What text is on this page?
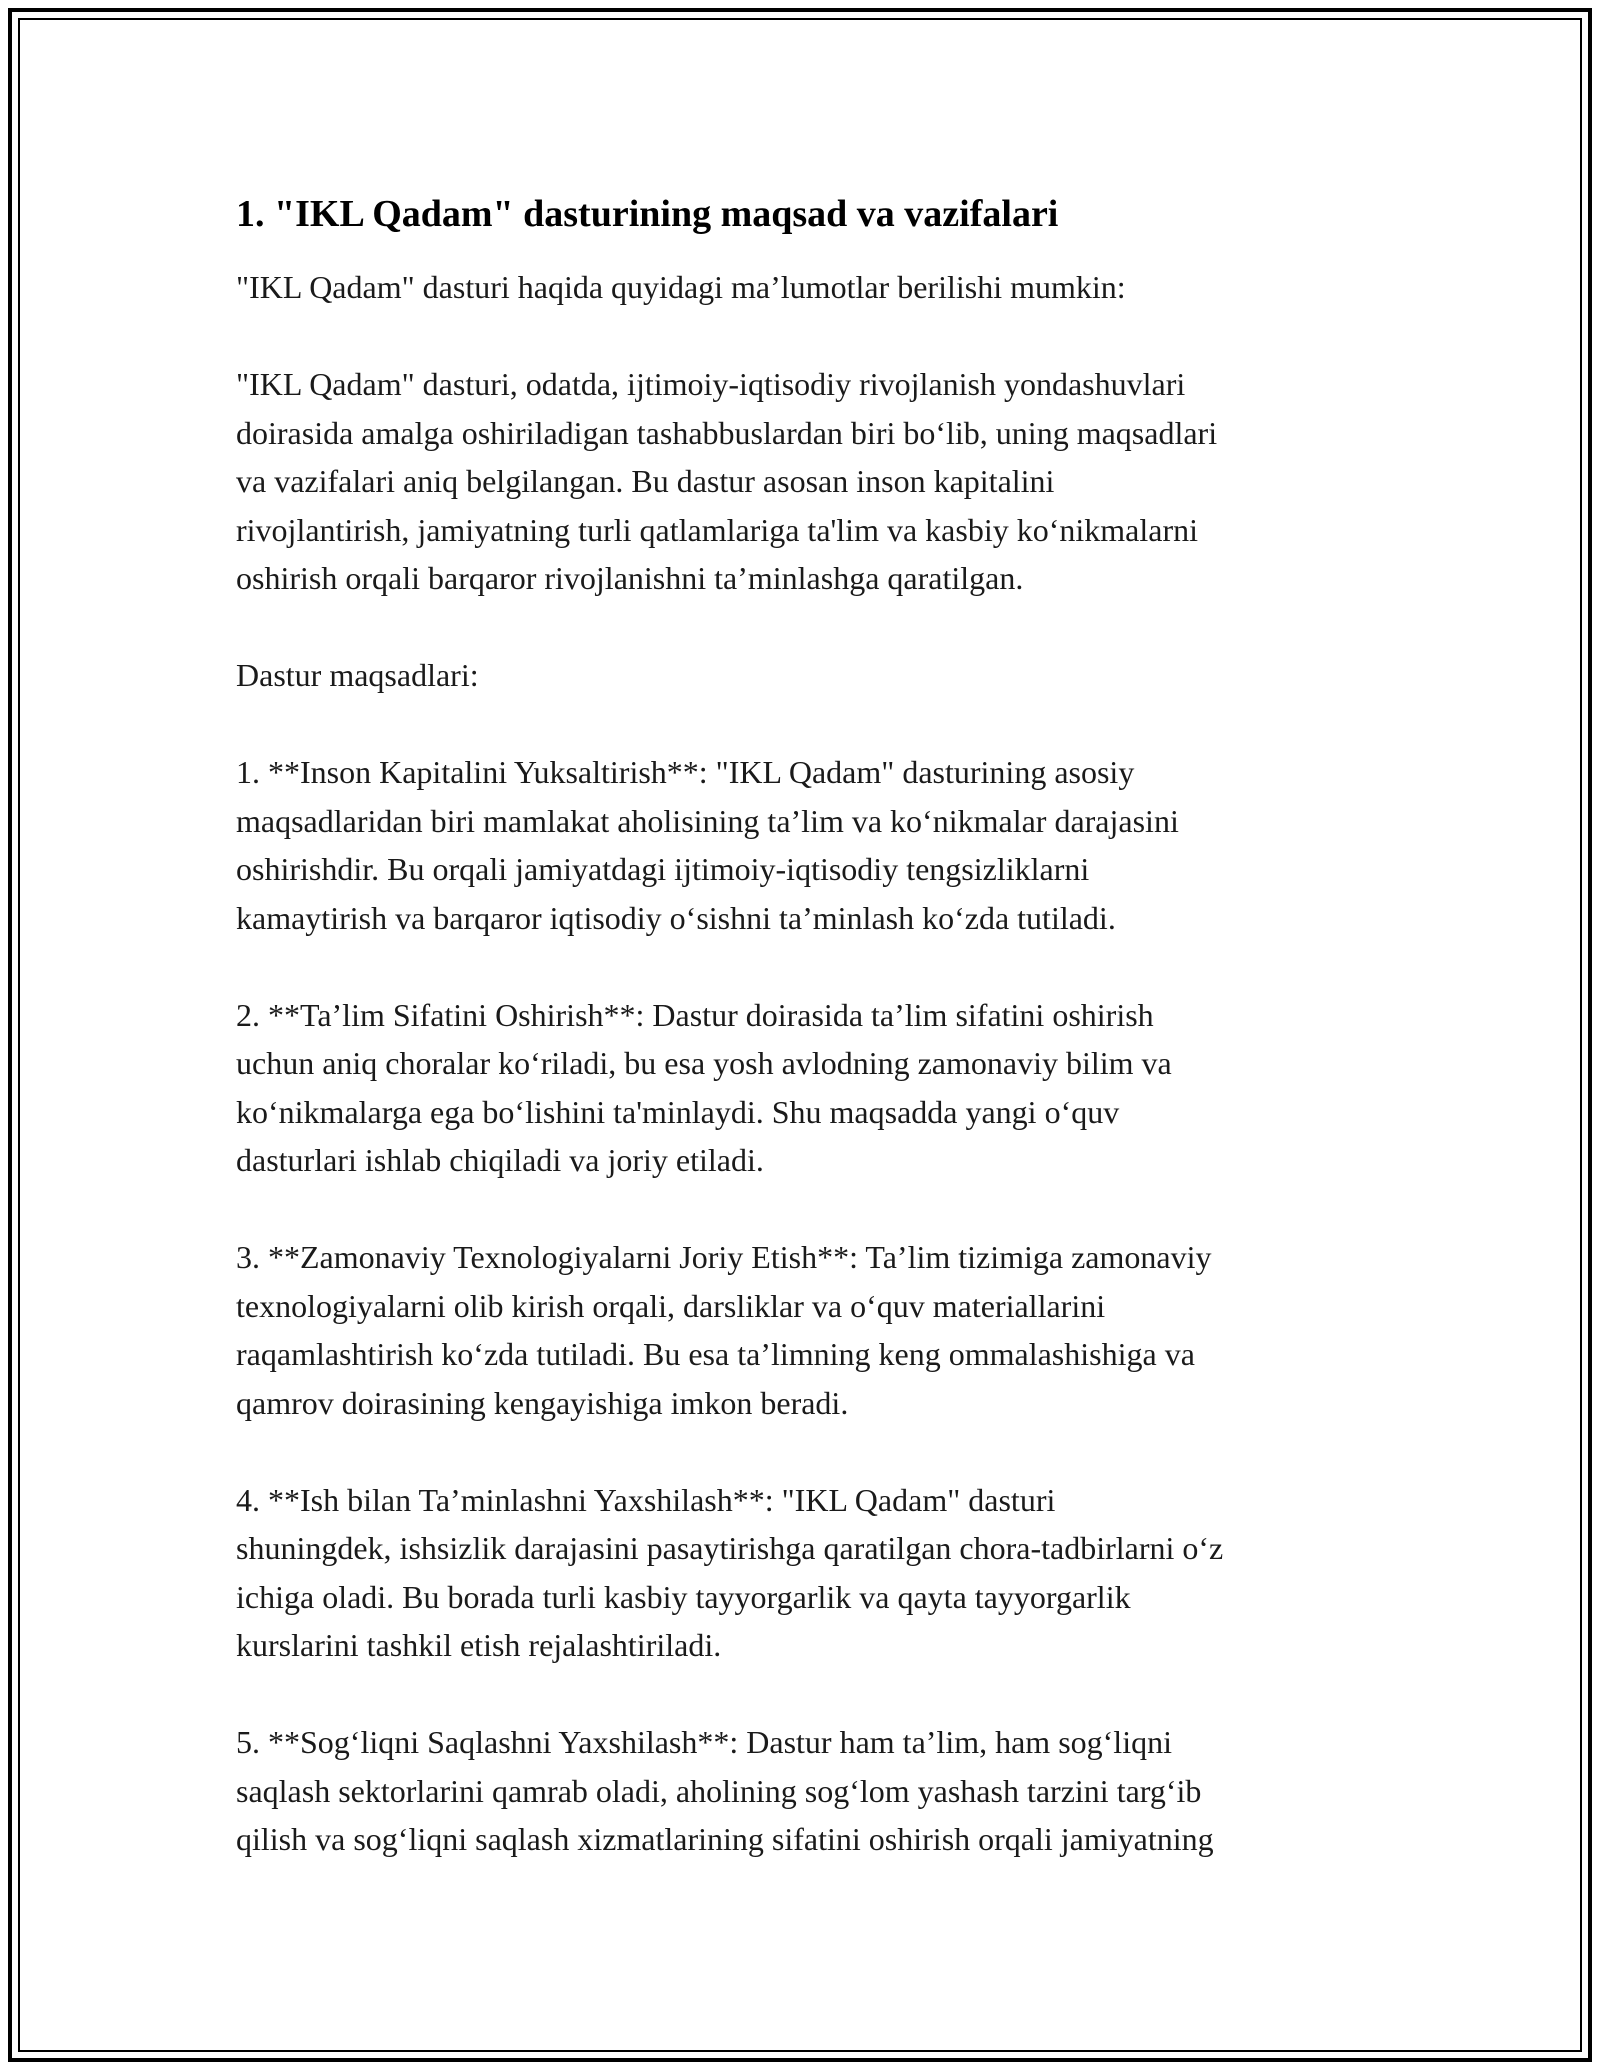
1. "IKL Qadam" dasturining maqsad va vazifalari
"IKL Qadam" dasturi haqida quyidagi ma’lumotlar berilishi mumkin:
"IKL Qadam" dasturi, odatda, ijtimoiy-iqtisodiy rivojlanish yondashuvlari
doirasida amalga oshiriladigan tashabbuslardan biri bo‘lib, uning maqsadlari
va vazifalari aniq belgilangan. Bu dastur asosan inson kapitalini
rivojlantirish, jamiyatning turli qatlamlariga ta'lim va kasbiy ko‘nikmalarni
oshirish orqali barqaror rivojlanishni ta’minlashga qaratilgan.
Dastur maqsadlari:
1. **Inson Kapitalini Yuksaltirish**: "IKL Qadam" dasturining asosiy
maqsadlaridan biri mamlakat aholisining ta’lim va ko‘nikmalar darajasini
oshirishdir. Bu orqali jamiyatdagi ijtimoiy-iqtisodiy tengsizliklarni
kamaytirish va barqaror iqtisodiy o‘sishni ta’minlash ko‘zda tutiladi.
2. **Ta’lim Sifatini Oshirish**: Dastur doirasida ta’lim sifatini oshirish
uchun aniq choralar ko‘riladi, bu esa yosh avlodning zamonaviy bilim va
ko‘nikmalarga ega bo‘lishini ta'minlaydi. Shu maqsadda yangi o‘quv
dasturlari ishlab chiqiladi va joriy etiladi.
3. **Zamonaviy Texnologiyalarni Joriy Etish**: Ta’lim tizimiga zamonaviy
texnologiyalarni olib kirish orqali, darsliklar va o‘quv materiallarini
raqamlashtirish ko‘zda tutiladi. Bu esa ta’limning keng ommalashishiga va
qamrov doirasining kengayishiga imkon beradi.
4. **Ish bilan Ta’minlashni Yaxshilash**: "IKL Qadam" dasturi
shuningdek, ishsizlik darajasini pasaytirishga qaratilgan chora-tadbirlarni o‘z
ichiga oladi. Bu borada turli kasbiy tayyorgarlik va qayta tayyorgarlik
kurslarini tashkil etish rejalashtiriladi.
5. **Sog‘liqni Saqlashni Yaxshilash**: Dastur ham ta’lim, ham sog‘liqni
saqlash sektorlarini qamrab oladi, aholining sog‘lom yashash tarzini targ‘ib
qilish va sog‘liqni saqlash xizmatlarining sifatini oshirish orqali jamiyatning
